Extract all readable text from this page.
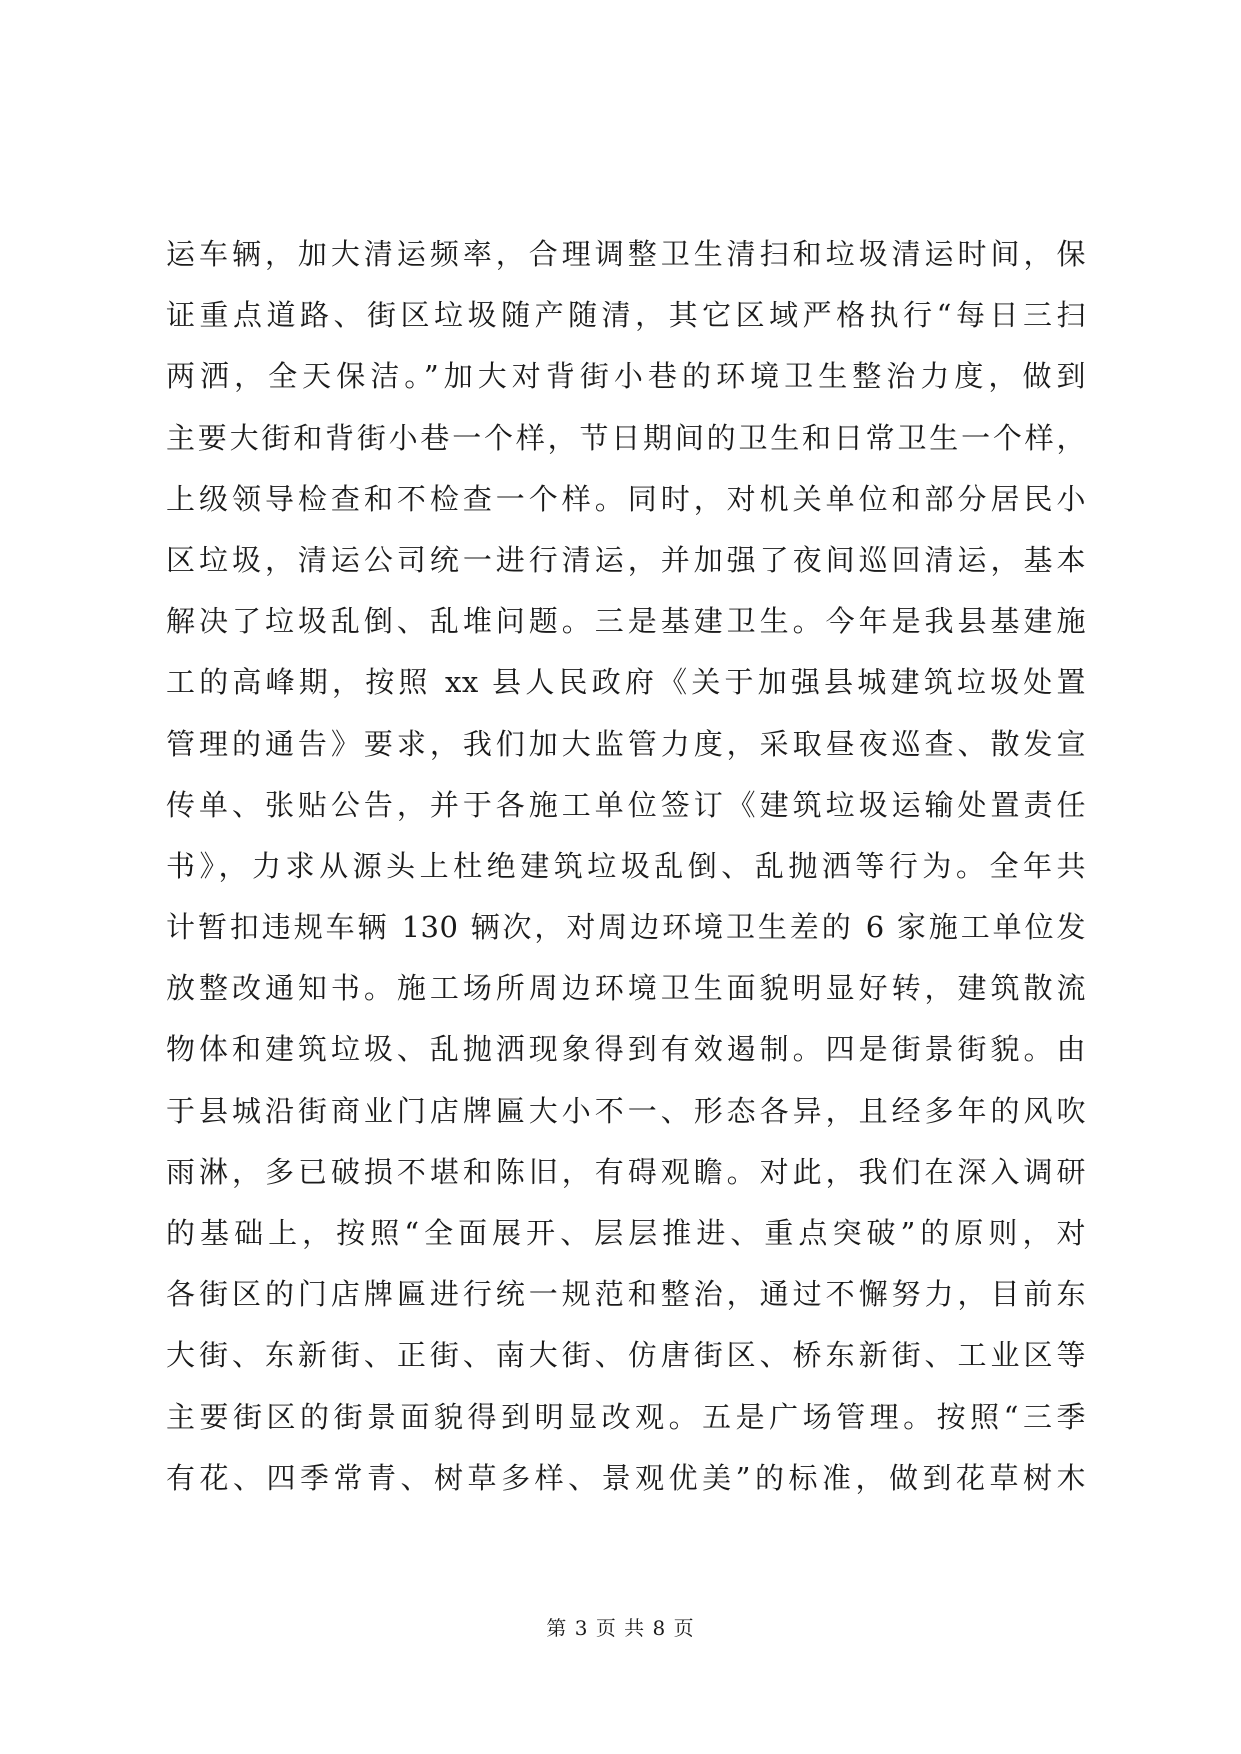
运车辆，加大清运频率，合理调整卫生清扫和垃圾清运时间，保
证重点道路、街区垃圾随产随清，其它区域严格执行“每日三扫
两洒，全天保洁。”加大对背街小巷的环境卫生整治力度，做到
主要大街和背街小巷一个样，节日期间的卫生和日常卫生一个样，
上级领导检查和不检查一个样。同时，对机关单位和部分居民小
区垃圾，清运公司统一进行清运，并加强了夜间巡回清运，基本
解决了垃圾乱倒、乱堆问题。三是基建卫生。今年是我县基建施
工的高峰期，按照 xx 县人民政府《关于加强县城建筑垃圾处置
管理的通告》要求，我们加大监管力度，采取昼夜巡查、散发宣
传单、张贴公告，并于各施工单位签订《建筑垃圾运输处置责任
书》，力求从源头上杜绝建筑垃圾乱倒、乱抛洒等行为。全年共
计暂扣违规车辆 130 辆次，对周边环境卫生差的 6 家施工单位发
放整改通知书。施工场所周边环境卫生面貌明显好转，建筑散流
物体和建筑垃圾、乱抛洒现象得到有效遏制。四是街景街貌。由
于县城沿街商业门店牌匾大小不一、形态各异，且经多年的风吹
雨淋，多已破损不堪和陈旧，有碍观瞻。对此，我们在深入调研
的基础上，按照“全面展开、层层推进、重点突破”的原则，对
各街区的门店牌匾进行统一规范和整治，通过不懈努力，目前东
大街、东新街、正街、南大街、仿唐街区、桥东新街、工业区等
主要街区的街景面貌得到明显改观。五是广场管理。按照“三季
有花、四季常青、树草多样、景观优美”的标准，做到花草树木
第 3 页 共 8 页
